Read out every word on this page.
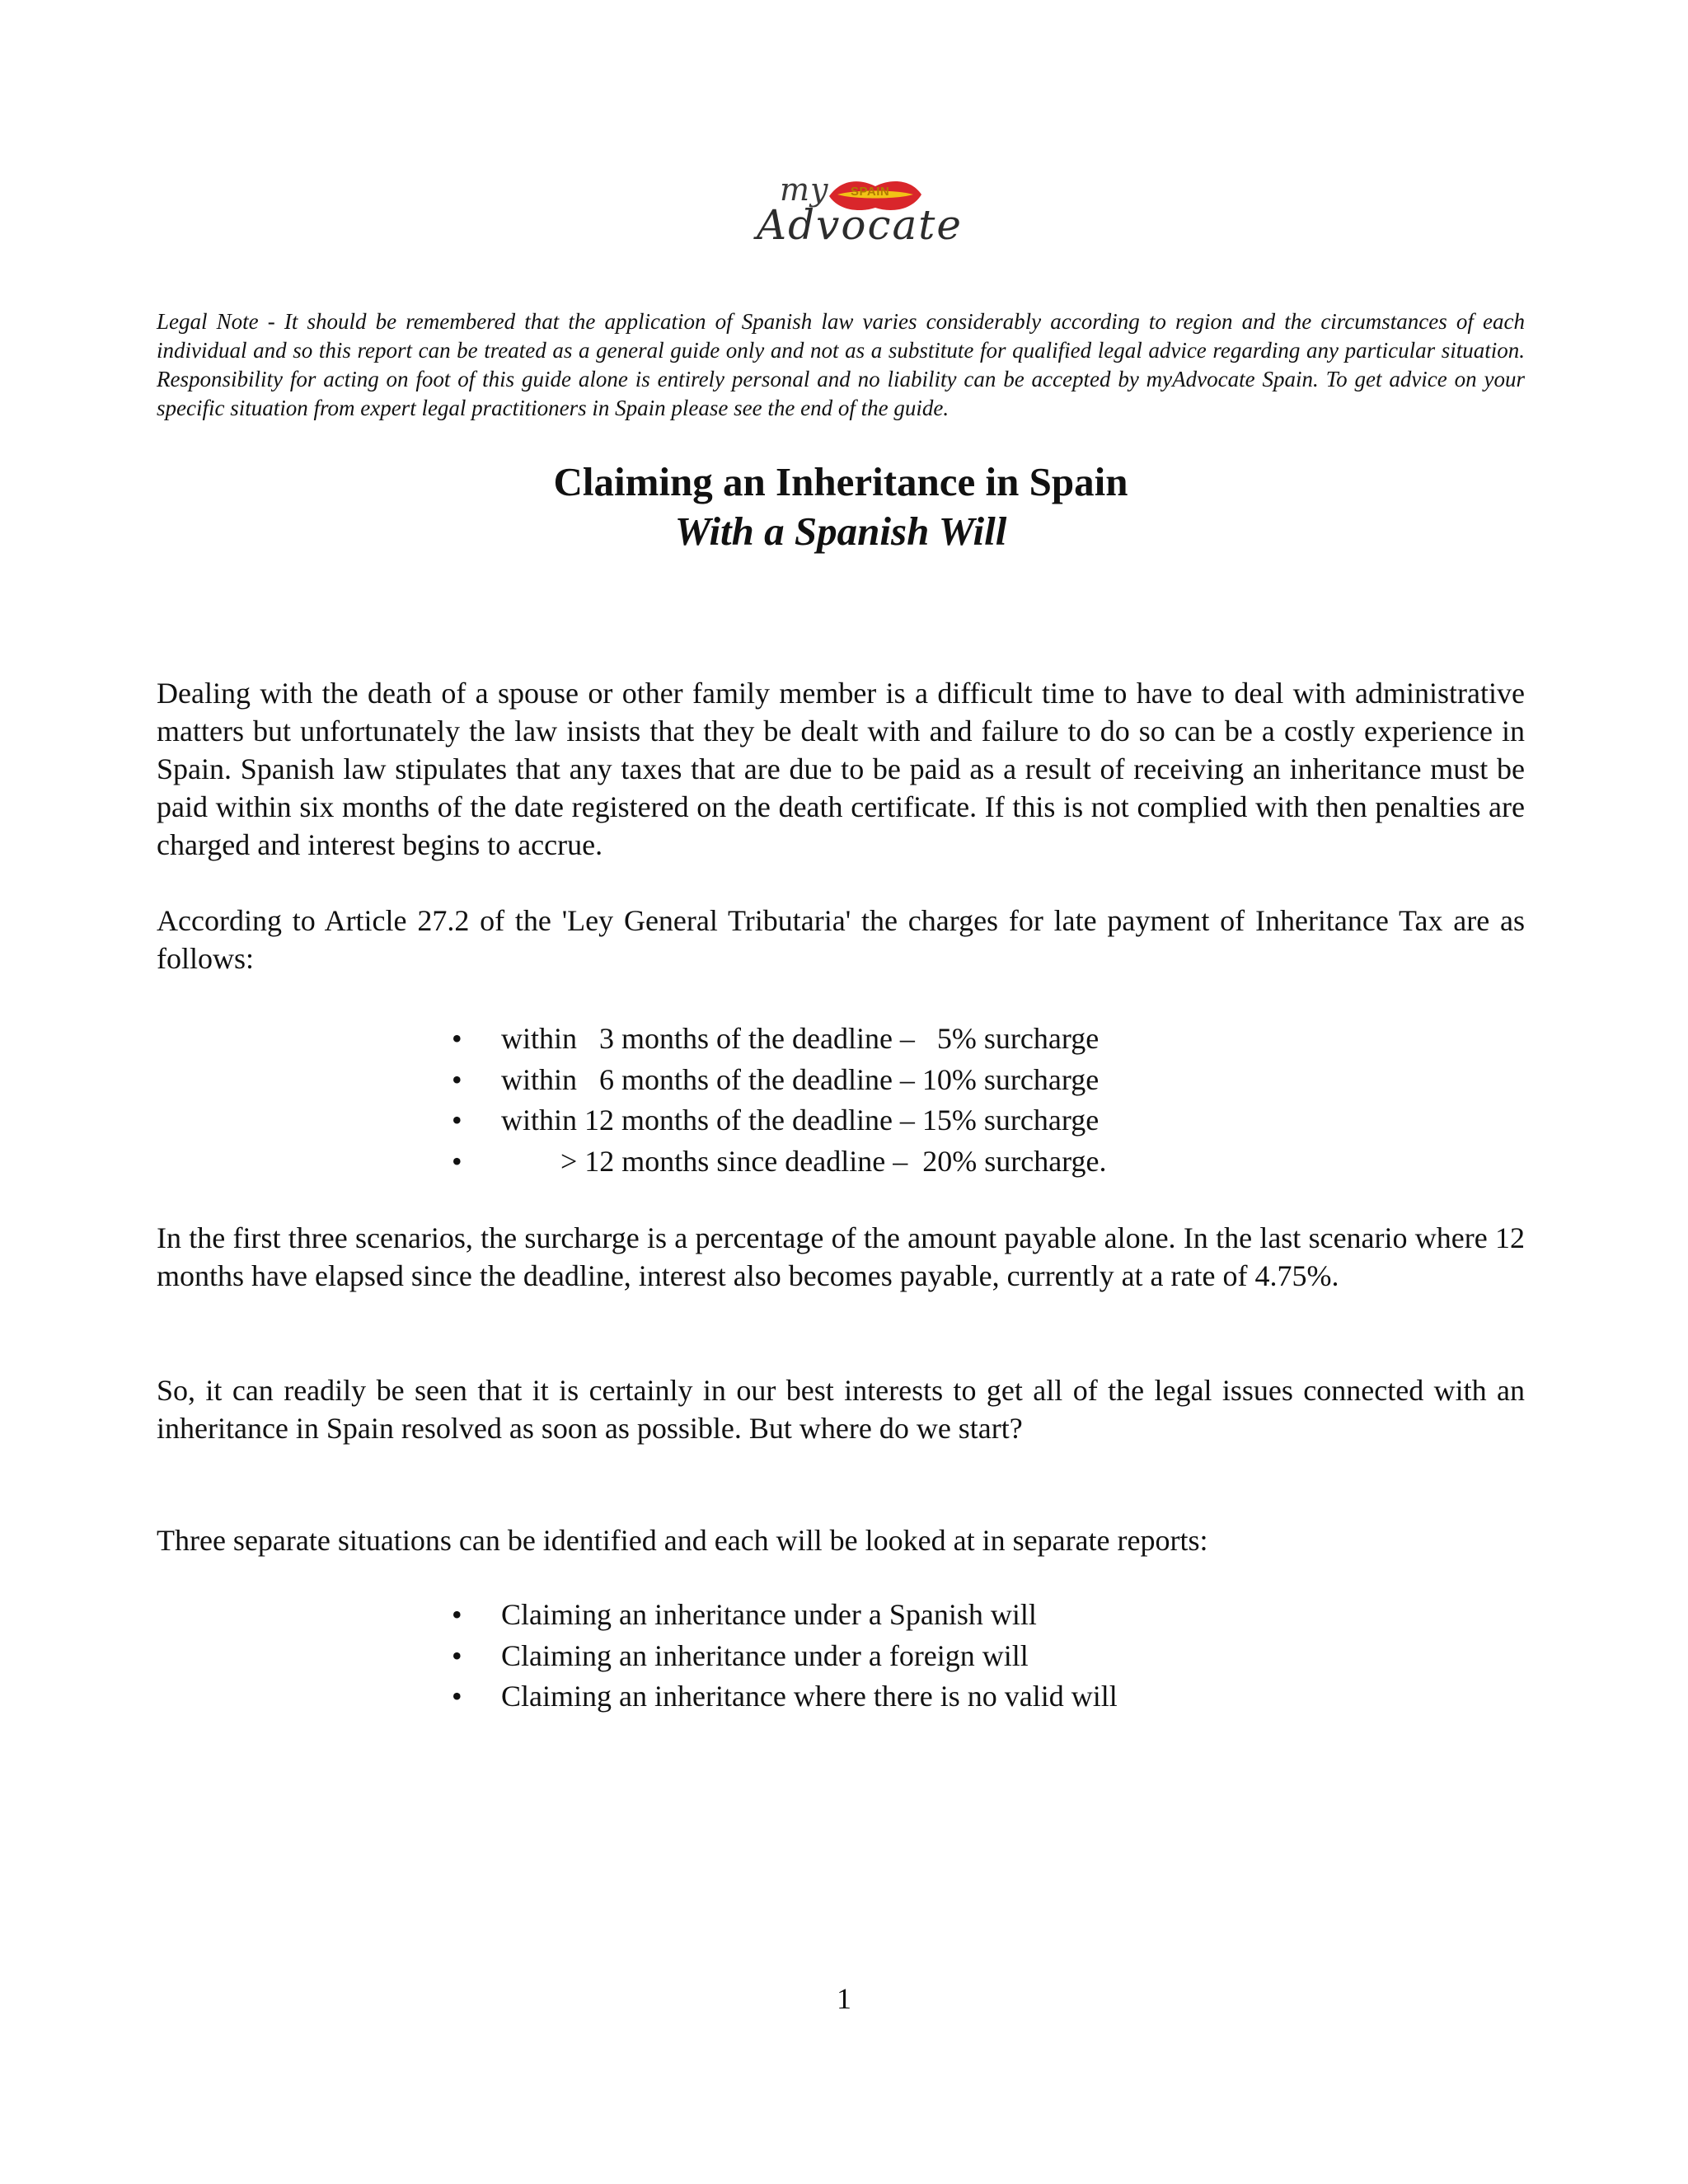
my SPAIN
Advocate

Legal Note - It should be remembered that the application of Spanish law varies considerably according to region and the circumstances of each individual and so this report can be treated as a general guide only and not as a substitute for qualified legal advice regarding any particular situation. Responsibility for acting on foot of this guide alone is entirely personal and no liability can be accepted by myAdvocate Spain. To get advice on your specific situation from expert legal practitioners in Spain please see the end of the guide.

Claiming an Inheritance in Spain
With a Spanish Will

Dealing with the death of a spouse or other family member is a difficult time to have to deal with administrative matters but unfortunately the law insists that they be dealt with and failure to do so can be a costly experience in Spain. Spanish law stipulates that any taxes that are due to be paid as a result of receiving an inheritance must be paid within six months of the date registered on the death certificate. If this is not complied with then penalties are charged and interest begins to accrue.

According to Article 27.2 of the 'Ley General Tributaria' the charges for late payment of Inheritance Tax are as follows:

• within   3 months of the deadline –   5% surcharge
• within   6 months of the deadline – 10% surcharge
• within 12 months of the deadline – 15% surcharge
• > 12 months since deadline –  20% surcharge.

In the first three scenarios, the surcharge is a percentage of the amount payable alone. In the last scenario where 12 months have elapsed since the deadline, interest also becomes payable, currently at a rate of 4.75%.

So, it can readily be seen that it is certainly in our best interests to get all of the legal issues connected with an inheritance in Spain resolved as soon as possible. But where do we start?

Three separate situations can be identified and each will be looked at in separate reports:

• Claiming an inheritance under a Spanish will
• Claiming an inheritance under a foreign will
• Claiming an inheritance where there is no valid will
1
